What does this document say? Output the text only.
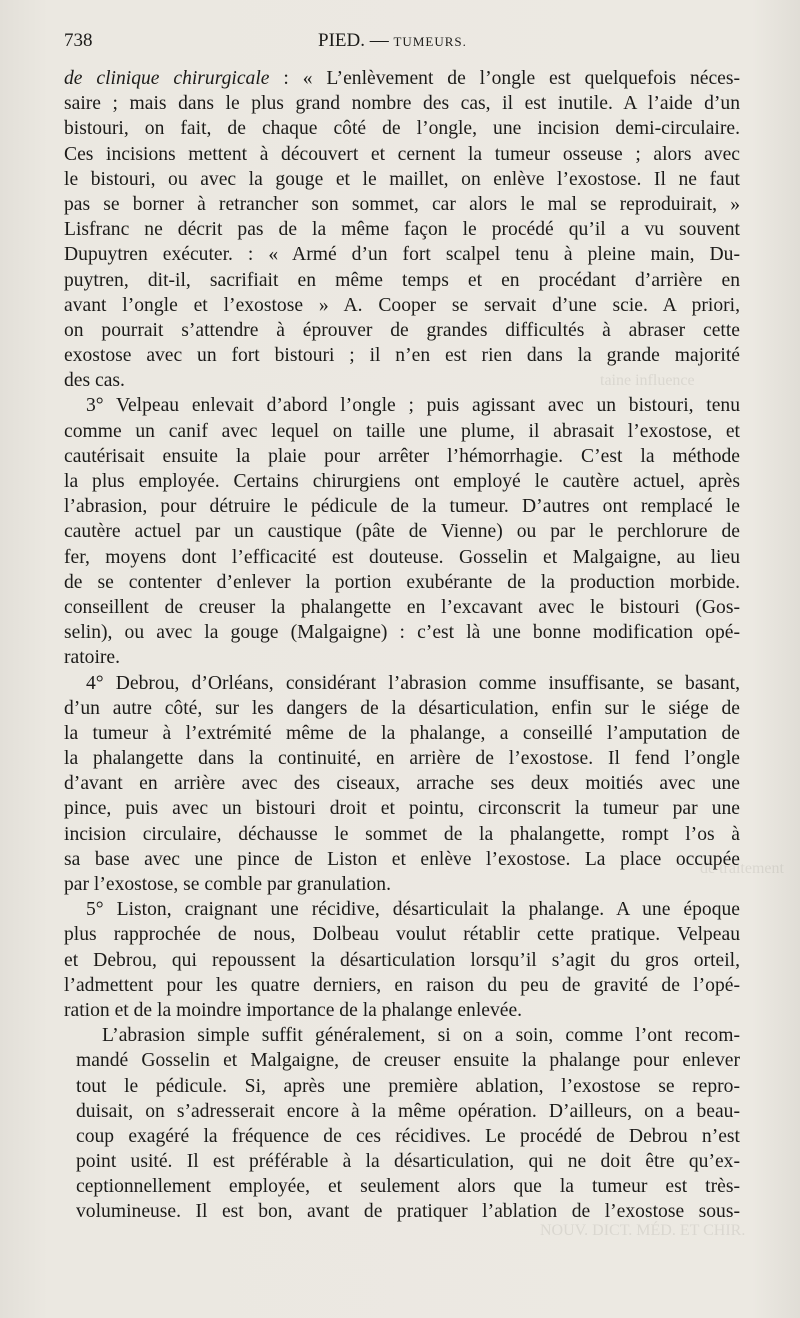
taine influence
de traitement
NOUV. DICT. MÉD. ET CHIR.
738	PIED. — TUMEURS.
de clinique chirurgicale : « L’enlèvement de l’ongle est quelquefois néces-
saire ; mais dans le plus grand nombre des cas, il est inutile. A l’aide d’un
bistouri, on fait, de chaque côté de l’ongle, une incision demi-circulaire.
Ces incisions mettent à découvert et cernent la tumeur osseuse ; alors avec
le bistouri, ou avec la gouge et le maillet, on enlève l’exostose. Il ne faut
pas se borner à retrancher son sommet, car alors le mal se reproduirait, »
Lisfranc ne décrit pas de la même façon le procédé qu’il a vu souvent
Dupuytren exécuter. : « Armé d’un fort scalpel tenu à pleine main, Du-
puytren, dit-il, sacrifiait en même temps et en procédant d’arrière en
avant l’ongle et l’exostose » A. Cooper se servait d’une scie. A priori,
on pourrait s’attendre à éprouver de grandes difficultés à abraser cette
exostose avec un fort bistouri ; il n’en est rien dans la grande majorité
des cas.
3° Velpeau enlevait d’abord l’ongle ; puis agissant avec un bistouri, tenu
comme un canif avec lequel on taille une plume, il abrasait l’exostose, et
cautérisait ensuite la plaie pour arrêter l’hémorrhagie. C’est la méthode
la plus employée. Certains chirurgiens ont employé le cautère actuel, après
l’abrasion, pour détruire le pédicule de la tumeur. D’autres ont remplacé le
cautère actuel par un caustique (pâte de Vienne) ou par le perchlorure de
fer, moyens dont l’efficacité est douteuse. Gosselin et Malgaigne, au lieu
de se contenter d’enlever la portion exubérante de la production morbide.
conseillent de creuser la phalangette en l’excavant avec le bistouri (Gos-
selin), ou avec la gouge (Malgaigne) : c’est là une bonne modification opé-
ratoire.
4° Debrou, d’Orléans, considérant l’abrasion comme insuffisante, se basant,
d’un autre côté, sur les dangers de la désarticulation, enfin sur le siége de
la tumeur à l’extrémité même de la phalange, a conseillé l’amputation de
la phalangette dans la continuité, en arrière de l’exostose. Il fend l’ongle
d’avant en arrière avec des ciseaux, arrache ses deux moitiés avec une
pince, puis avec un bistouri droit et pointu, circonscrit la tumeur par une
incision circulaire, déchausse le sommet de la phalangette, rompt l’os à
sa base avec une pince de Liston et enlève l’exostose. La place occupée
par l’exostose, se comble par granulation.
5° Liston, craignant une récidive, désarticulait la phalange. A une époque
plus rapprochée de nous, Dolbeau voulut rétablir cette pratique. Velpeau
et Debrou, qui repoussent la désarticulation lorsqu’il s’agit du gros orteil,
l’admettent pour les quatre derniers, en raison du peu de gravité de l’opé-
ration et de la moindre importance de la phalange enlevée.
L’abrasion simple suffit généralement, si on a soin, comme l’ont recom-
mandé Gosselin et Malgaigne, de creuser ensuite la phalange pour enlever
tout le pédicule. Si, après une première ablation, l’exostose se repro-
duisait, on s’adresserait encore à la même opération. D’ailleurs, on a beau-
coup exagéré la fréquence de ces récidives. Le procédé de Debrou n’est
point usité. Il est préférable à la désarticulation, qui ne doit être qu’ex-
ceptionnellement employée, et seulement alors que la tumeur est très-
volumineuse. Il est bon, avant de pratiquer l’ablation de l’exostose sous-
